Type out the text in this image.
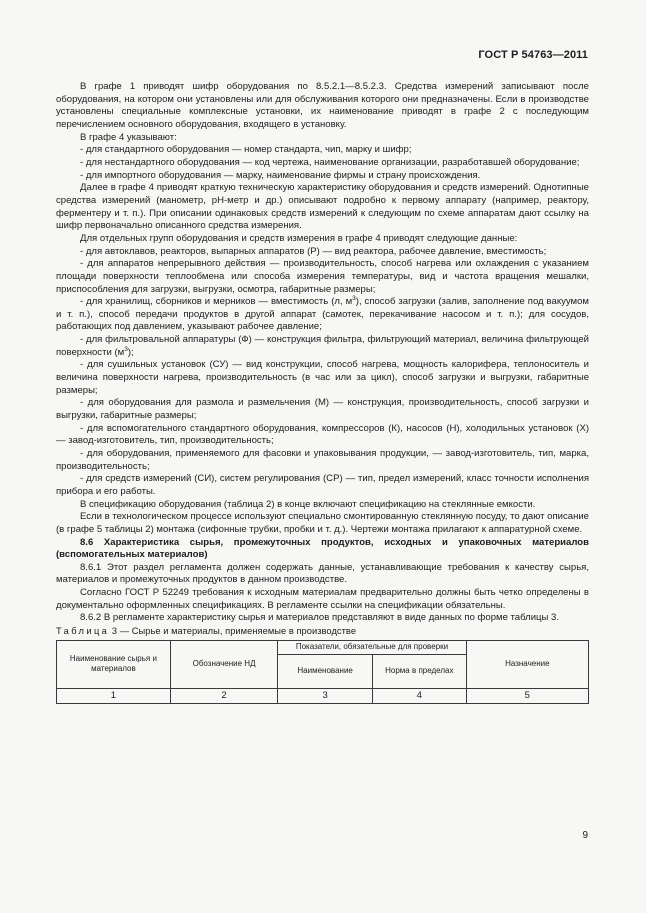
ГОСТ Р 54763—2011

В графе 1 приводят шифр оборудования по 8.5.2.1—8.5.2.3. Средства измерений записывают после оборудования, на котором они установлены или для обслуживания которого они предназначены. Если в производстве установлены специальные комплексные установки, их наименование приводят в графе 2 с последующим перечислением основного оборудования, входящего в установку.

В графе 4 указывают:

- для стандартного оборудования — номер стандарта, чип, марку и шифр;

- для нестандартного оборудования — код чертежа, наименование организации, разработавшей оборудование;

- для импортного оборудования — марку, наименование фирмы и страну происхождения.

Далее в графе 4 приводят краткую техническую характеристику оборудования и средств измерений. Однотипные средства измерений (манометр, рН-метр и др.) описывают подробно к первому аппарату (например, реактору, ферментеру и т. п.). При описании одинаковых средств измерений к следующим по схеме аппаратам дают ссылку на шифр первоначально описанного средства измерения.

Для отдельных групп оборудования и средств измерения в графе 4 приводят следующие данные:

- для автоклавов, реакторов, выпарных аппаратов (Р) — вид реактора, рабочее давление, вместимость;

- для аппаратов непрерывного действия — производительность, способ нагрева или охлаждения с указанием площади поверхности теплообмена или способа измерения температуры, вид и частота вращения мешалки, приспособления для загрузки, выгрузки, осмотра, габаритные размеры;

- для хранилищ, сборников и мерников — вместимость (л, $м^3$), способ загрузки (залив, заполнение под вакуумом и т. п.), способ передачи продуктов в другой аппарат (самотек, перекачивание насосом и т. п.); для сосудов, работающих под давлением, указывают рабочее давление;

- для фильтровальной аппаратуры (Ф) — конструкция фильтра, фильтрующий материал, величина фильтрующей поверхности $(м^3)$;

- для сушильных установок (СУ) — вид конструкции, способ нагрева, мощность калорифера, теплоноситель и величина поверхности нагрева, производительность (в час или за цикл), способ загрузки и выгрузки, габаритные размеры;

- для оборудования для размола и размельчения (М) — конструкция, производительность, способ загрузки и выгрузки, габаритные размеры;

- для вспомогательного стандартного оборудования, компрессоров (К), насосов (Н), холодильных установок (Х) — завод-изготовитель, тип, производительность;

- для оборудования, применяемого для фасовки и упаковывания продукции, — завод-изготовитель, тип, марка, производительность;

- для средств измерений (СИ), систем регулирования (СР) — тип, предел измерений, класс точности исполнения прибора и его работы.

В спецификацию оборудования (таблица 2) в конце включают спецификацию на стеклянные емкости.

Если в технологическом процессе используют специально смонтированную стеклянную посуду, то дают описание (в графе 5 таблицы 2) монтажа (сифонные трубки, пробки и т. д.). Чертежи монтажа прилагают к аппаратурной схеме.

8.6 Характеристика сырья, промежуточных продуктов, исходных и упаковочных материалов (вспомогательных материалов)

8.6.1 Этот раздел регламента должен содержать данные, устанавливающие требования к качеству сырья, материалов и промежуточных продуктов в данном производстве.

Согласно ГОСТ Р 52249 требования к исходным материалам предварительно должны быть четко определены в документально оформленных спецификациях. В регламенте ссылки на спецификации обязательны.

8.6.2 В регламенте характеристику сырья и материалов представляют в виде данных по форме таблицы 3.

Таблица 3 — Сырье и материалы, применяемые в производстве

Наименование сырья и материалов	Обозначение НД	Показатели, обязательные для проверки		Назначение
		Наименование	Норма в пределах	
1	2	3	4	5
9
